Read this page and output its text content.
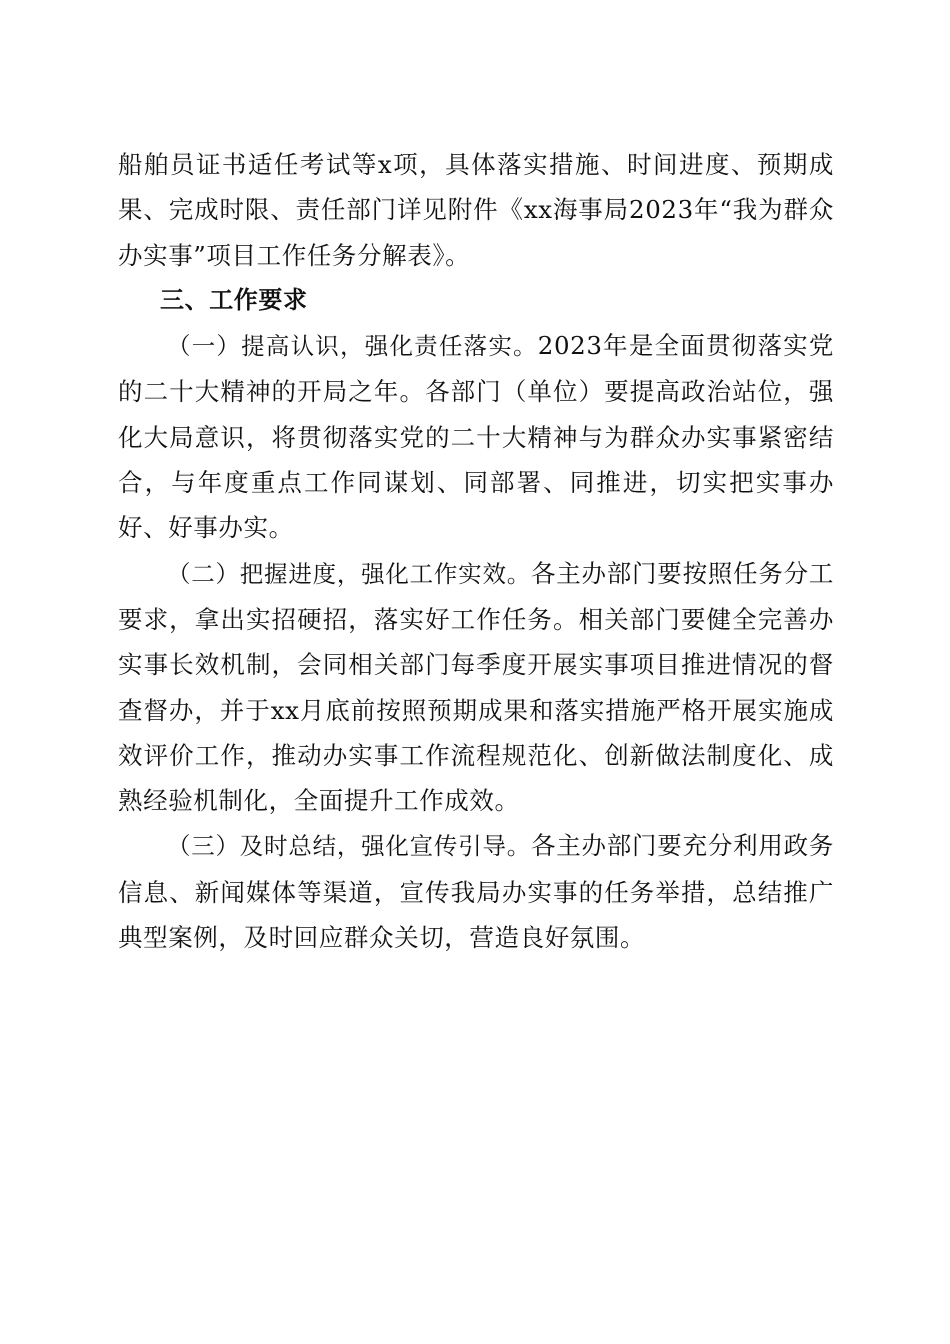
船舶员证书适任考试等x项，具体落实措施、时间进度、预期成果、完成时限、责任部门详见附件《xx海事局2023年“我为群众办实事”项目工作任务分解表》。

三、工作要求

（一）提高认识，强化责任落实。2023年是全面贯彻落实党的二十大精神的开局之年。各部门（单位）要提高政治站位，强化大局意识，将贯彻落实党的二十大精神与为群众办实事紧密结合，与年度重点工作同谋划、同部署、同推进，切实把实事办好、好事办实。

（二）把握进度，强化工作实效。各主办部门要按照任务分工要求，拿出实招硬招，落实好工作任务。相关部门要健全完善办实事长效机制，会同相关部门每季度开展实事项目推进情况的督查督办，并于xx月底前按照预期成果和落实措施严格开展实施成效评价工作，推动办实事工作流程规范化、创新做法制度化、成熟经验机制化，全面提升工作成效。

（三）及时总结，强化宣传引导。各主办部门要充分利用政务信息、新闻媒体等渠道，宣传我局办实事的任务举措，总结推广典型案例，及时回应群众关切，营造良好氛围。
